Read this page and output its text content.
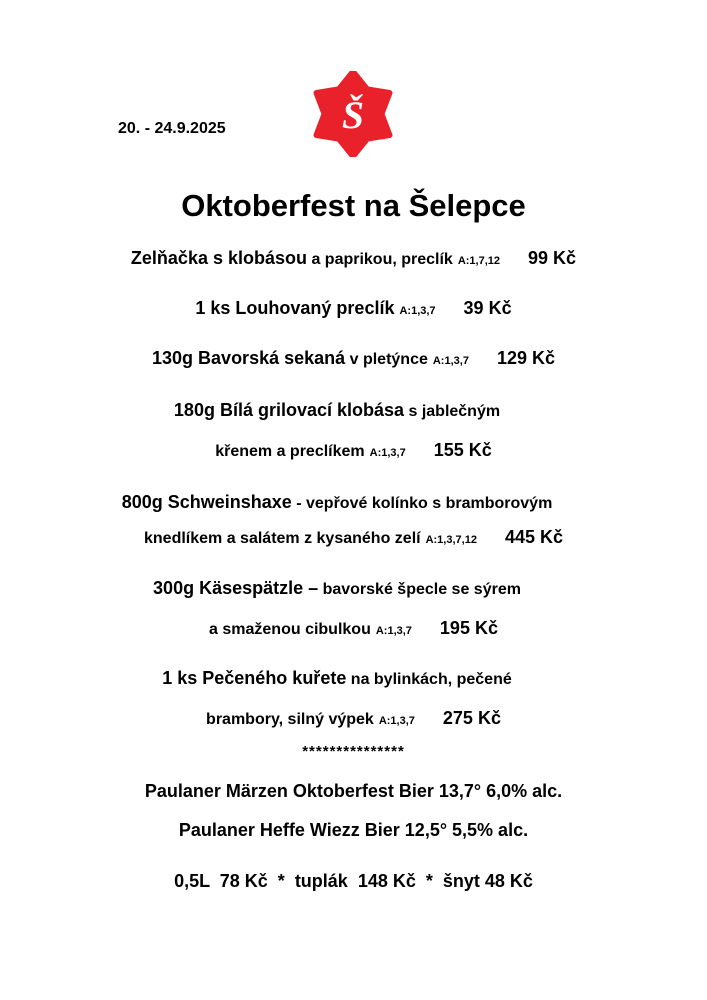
20. - 24.9.2025	Š
Oktoberfest na Šelepce
Zelňačka s klobásou a paprikou, preclík A:1,7,12 99 Kč
1 ks Louhovaný preclík A:1,3,7 39 Kč
130g Bavorská sekaná v pletýnce A:1,3,7 129 Kč
180g Bílá grilovací klobása s jablečným
křenem a preclíkem A:1,3,7 155 Kč
800g Schweinshaxe - vepřové kolínko s bramborovým
knedlíkem a salátem z kysaného zelí A:1,3,7,12 445 Kč
300g Käsespätzle – bavorské špecle se sýrem
a smaženou cibulkou A:1,3,7 195 Kč
1 ks Pečeného kuřete na bylinkách, pečené
brambory, silný výpek A:1,3,7 275 Kč
***************
Paulaner Märzen Oktoberfest Bier 13,7° 6,0% alc.
Paulaner Heffe Wiezz Bier 12,5° 5,5% alc.
0,5L  78 Kč  *  tuplák  148 Kč  *  šnyt 48 Kč
